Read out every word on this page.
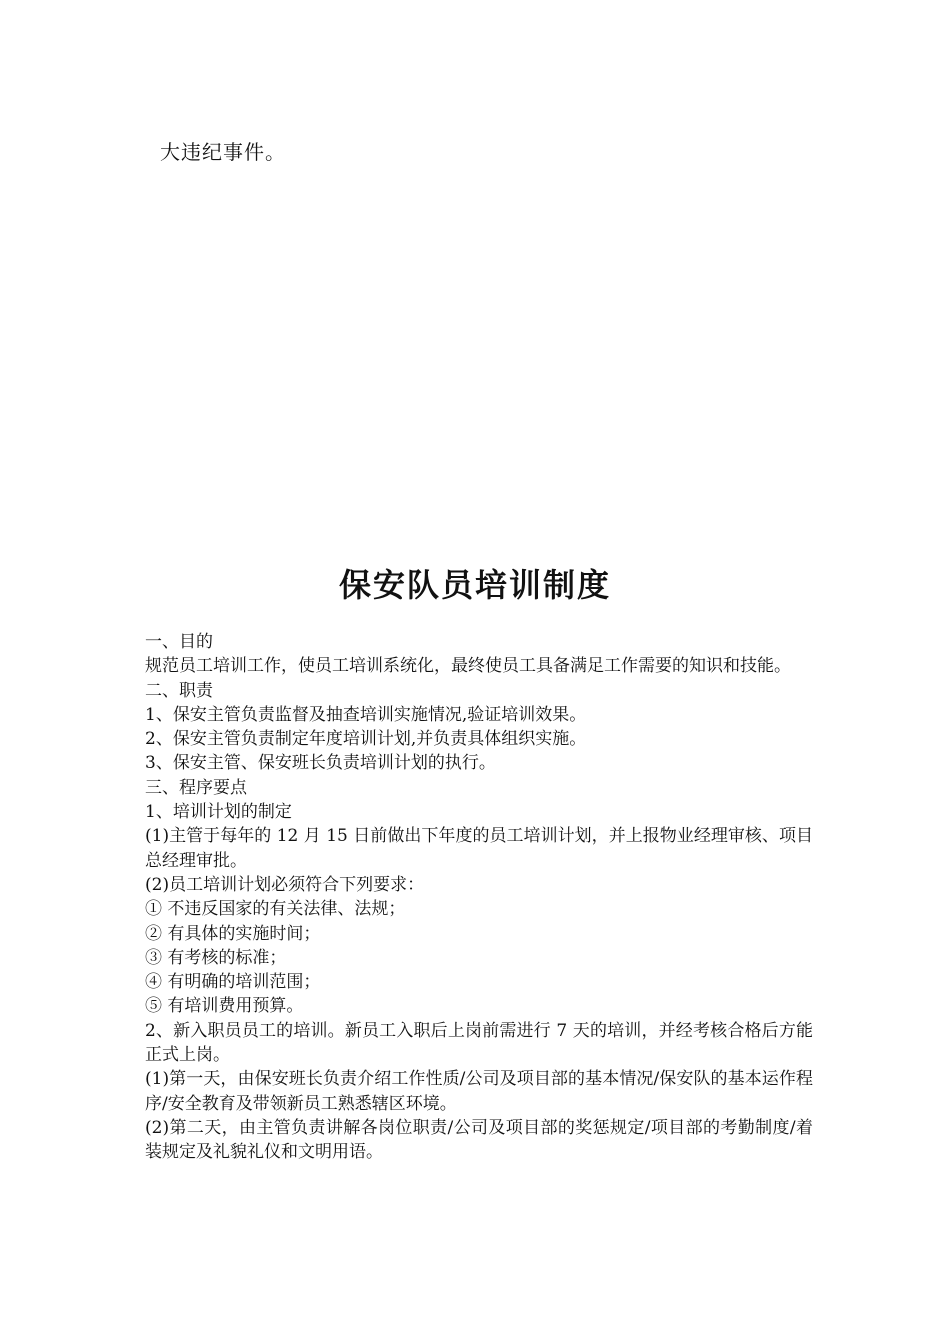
大违纪事件。
保安队员培训制度
一、目的
规范员工培训工作，使员工培训系统化，最终使员工具备满足工作需要的知识和技能。
二、职责
1、保安主管负责监督及抽查培训实施情况,验证培训效果。
2、保安主管负责制定年度培训计划,并负责具体组织实施。
3、保安主管、保安班长负责培训计划的执行。
三、程序要点
1、培训计划的制定
(1)主管于每年的 12 月 15 日前做出下年度的员工培训计划，并上报物业经理审核、项目总经理审批。
(2)员工培训计划必须符合下列要求：
① 不违反国家的有关法律、法规；
② 有具体的实施时间；
③ 有考核的标准；
④ 有明确的培训范围；
⑤ 有培训费用预算。
2、新入职员员工的培训。新员工入职后上岗前需进行 7 天的培训，并经考核合格后方能正式上岗。
(1)第一天，由保安班长负责介绍工作性质/公司及项目部的基本情况/保安队的基本运作程序/安全教育及带领新员工熟悉辖区环境。
(2)第二天，由主管负责讲解各岗位职责/公司及项目部的奖惩规定/项目部的考勤制度/着装规定及礼貌礼仪和文明用语。
